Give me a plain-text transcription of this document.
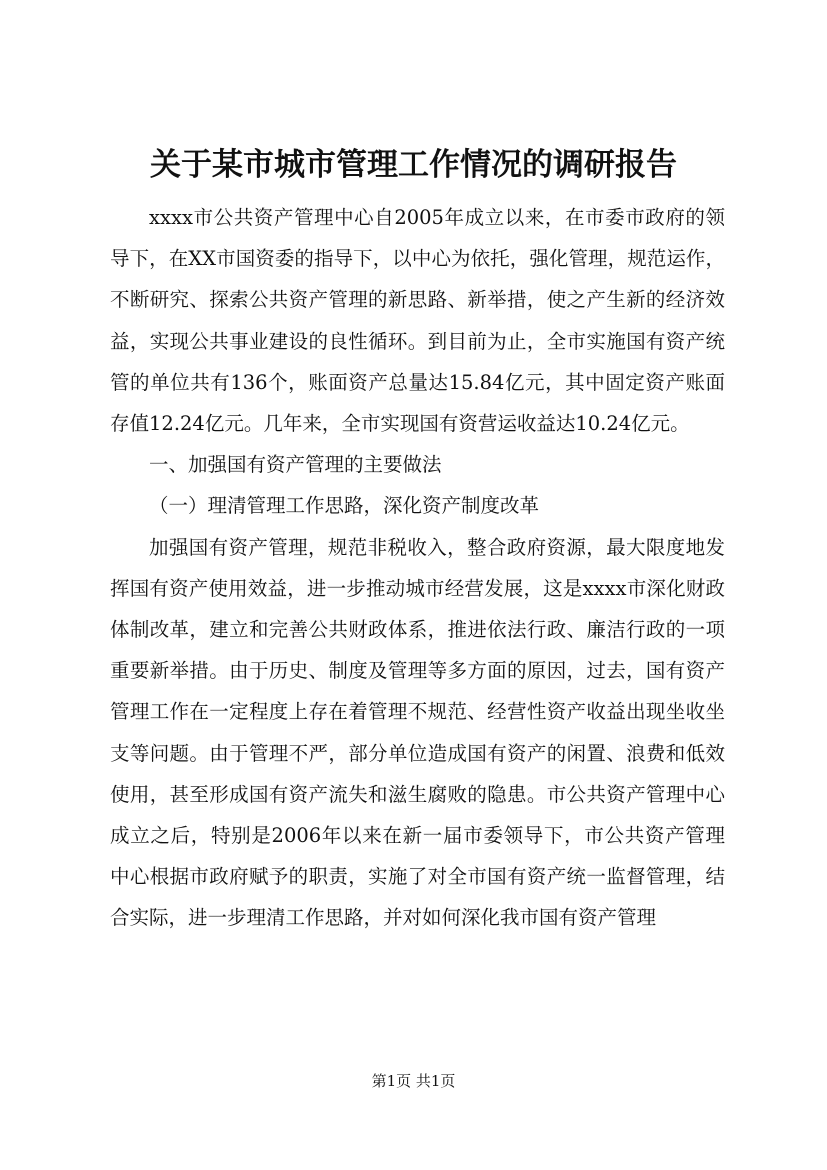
关于某市城市管理工作情况的调研报告

xxxx市公共资产管理中心自2005年成立以来，在市委市政府的领导下，在XX市国资委的指导下，以中心为依托，强化管理，规范运作，不断研究、探索公共资产管理的新思路、新举措，使之产生新的经济效益，实现公共事业建设的良性循环。到目前为止，全市实施国有资产统管的单位共有136个，账面资产总量达15.84亿元，其中固定资产账面存值12.24亿元。几年来，全市实现国有资营运收益达10.24亿元。

一、加强国有资产管理的主要做法

（一）理清管理工作思路，深化资产制度改革

加强国有资产管理，规范非税收入，整合政府资源，最大限度地发挥国有资产使用效益，进一步推动城市经营发展，这是xxxx市深化财政体制改革，建立和完善公共财政体系，推进依法行政、廉洁行政的一项重要新举措。由于历史、制度及管理等多方面的原因，过去，国有资产管理工作在一定程度上存在着管理不规范、经营性资产收益出现坐收坐支等问题。由于管理不严，部分单位造成国有资产的闲置、浪费和低效使用，甚至形成国有资产流失和滋生腐败的隐患。市公共资产管理中心成立之后，特别是2006年以来在新一届市委领导下，市公共资产管理中心根据市政府赋予的职责，实施了对全市国有资产统一监督管理，结合实际，进一步理清工作思路，并对如何深化我市国有资产管理

第1页 共1页
